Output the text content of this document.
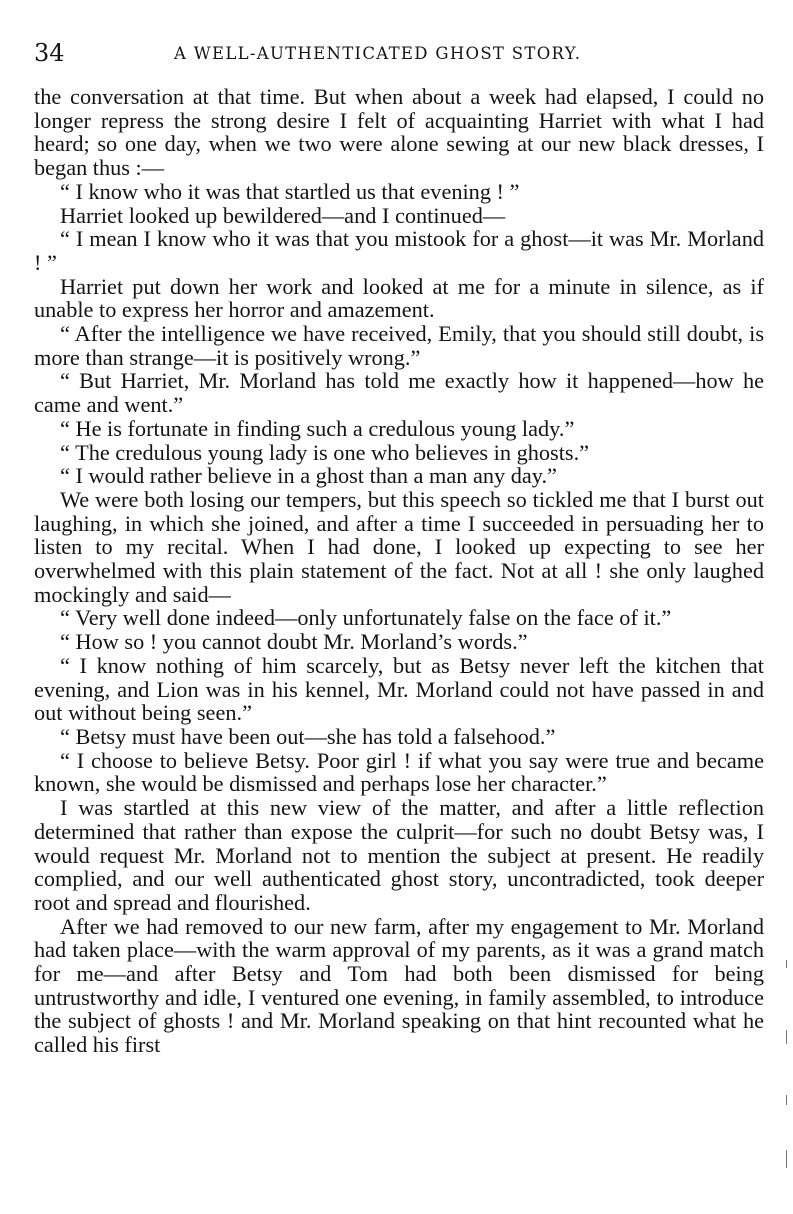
34	A WELL-AUTHENTICATED GHOST STORY.

the conversation at that time. But when about a week had elapsed, I could no longer repress the strong desire I felt of acquainting Harriet with what I had heard; so one day, when we two were alone sewing at our new black dresses, I began thus :—

“ I know who it was that startled us that evening ! ”

Harriet looked up bewildered—and I continued—

“ I mean I know who it was that you mistook for a ghost—it was Mr. Morland ! ”

Harriet put down her work and looked at me for a minute in silence, as if unable to express her horror and amazement.

“ After the intelligence we have received, Emily, that you should still doubt, is more than strange—it is positively wrong.”

“ But Harriet, Mr. Morland has told me exactly how it happened—how he came and went.”

“ He is fortunate in finding such a credulous young lady.”

“ The credulous young lady is one who believes in ghosts.”

“ I would rather believe in a ghost than a man any day.”

We were both losing our tempers, but this speech so tickled me that I burst out laughing, in which she joined, and after a time I succeeded in persuading her to listen to my recital. When I had done, I looked up expecting to see her overwhelmed with this plain statement of the fact. Not at all ! she only laughed mockingly and said—

“ Very well done indeed—only unfortunately false on the face of it.”

“ How so ! you cannot doubt Mr. Morland’s words.”

“ I know nothing of him scarcely, but as Betsy never left the kitchen that evening, and Lion was in his kennel, Mr. Morland could not have passed in and out without being seen.”

“ Betsy must have been out—she has told a falsehood.”

“ I choose to believe Betsy. Poor girl ! if what you say were true and became known, she would be dismissed and perhaps lose her character.”

I was startled at this new view of the matter, and after a little reflection determined that rather than expose the culprit—for such no doubt Betsy was, I would request Mr. Morland not to mention the subject at present. He readily complied, and our well authenticated ghost story, uncontradicted, took deeper root and spread and flourished.

After we had removed to our new farm, after my engagement to Mr. Morland had taken place—with the warm approval of my parents, as it was a grand match for me—and after Betsy and Tom had both been dismissed for being untrustworthy and idle, I ventured one evening, in family assembled, to introduce the subject of ghosts ! and Mr. Morland speaking on that hint recounted what he called his first
